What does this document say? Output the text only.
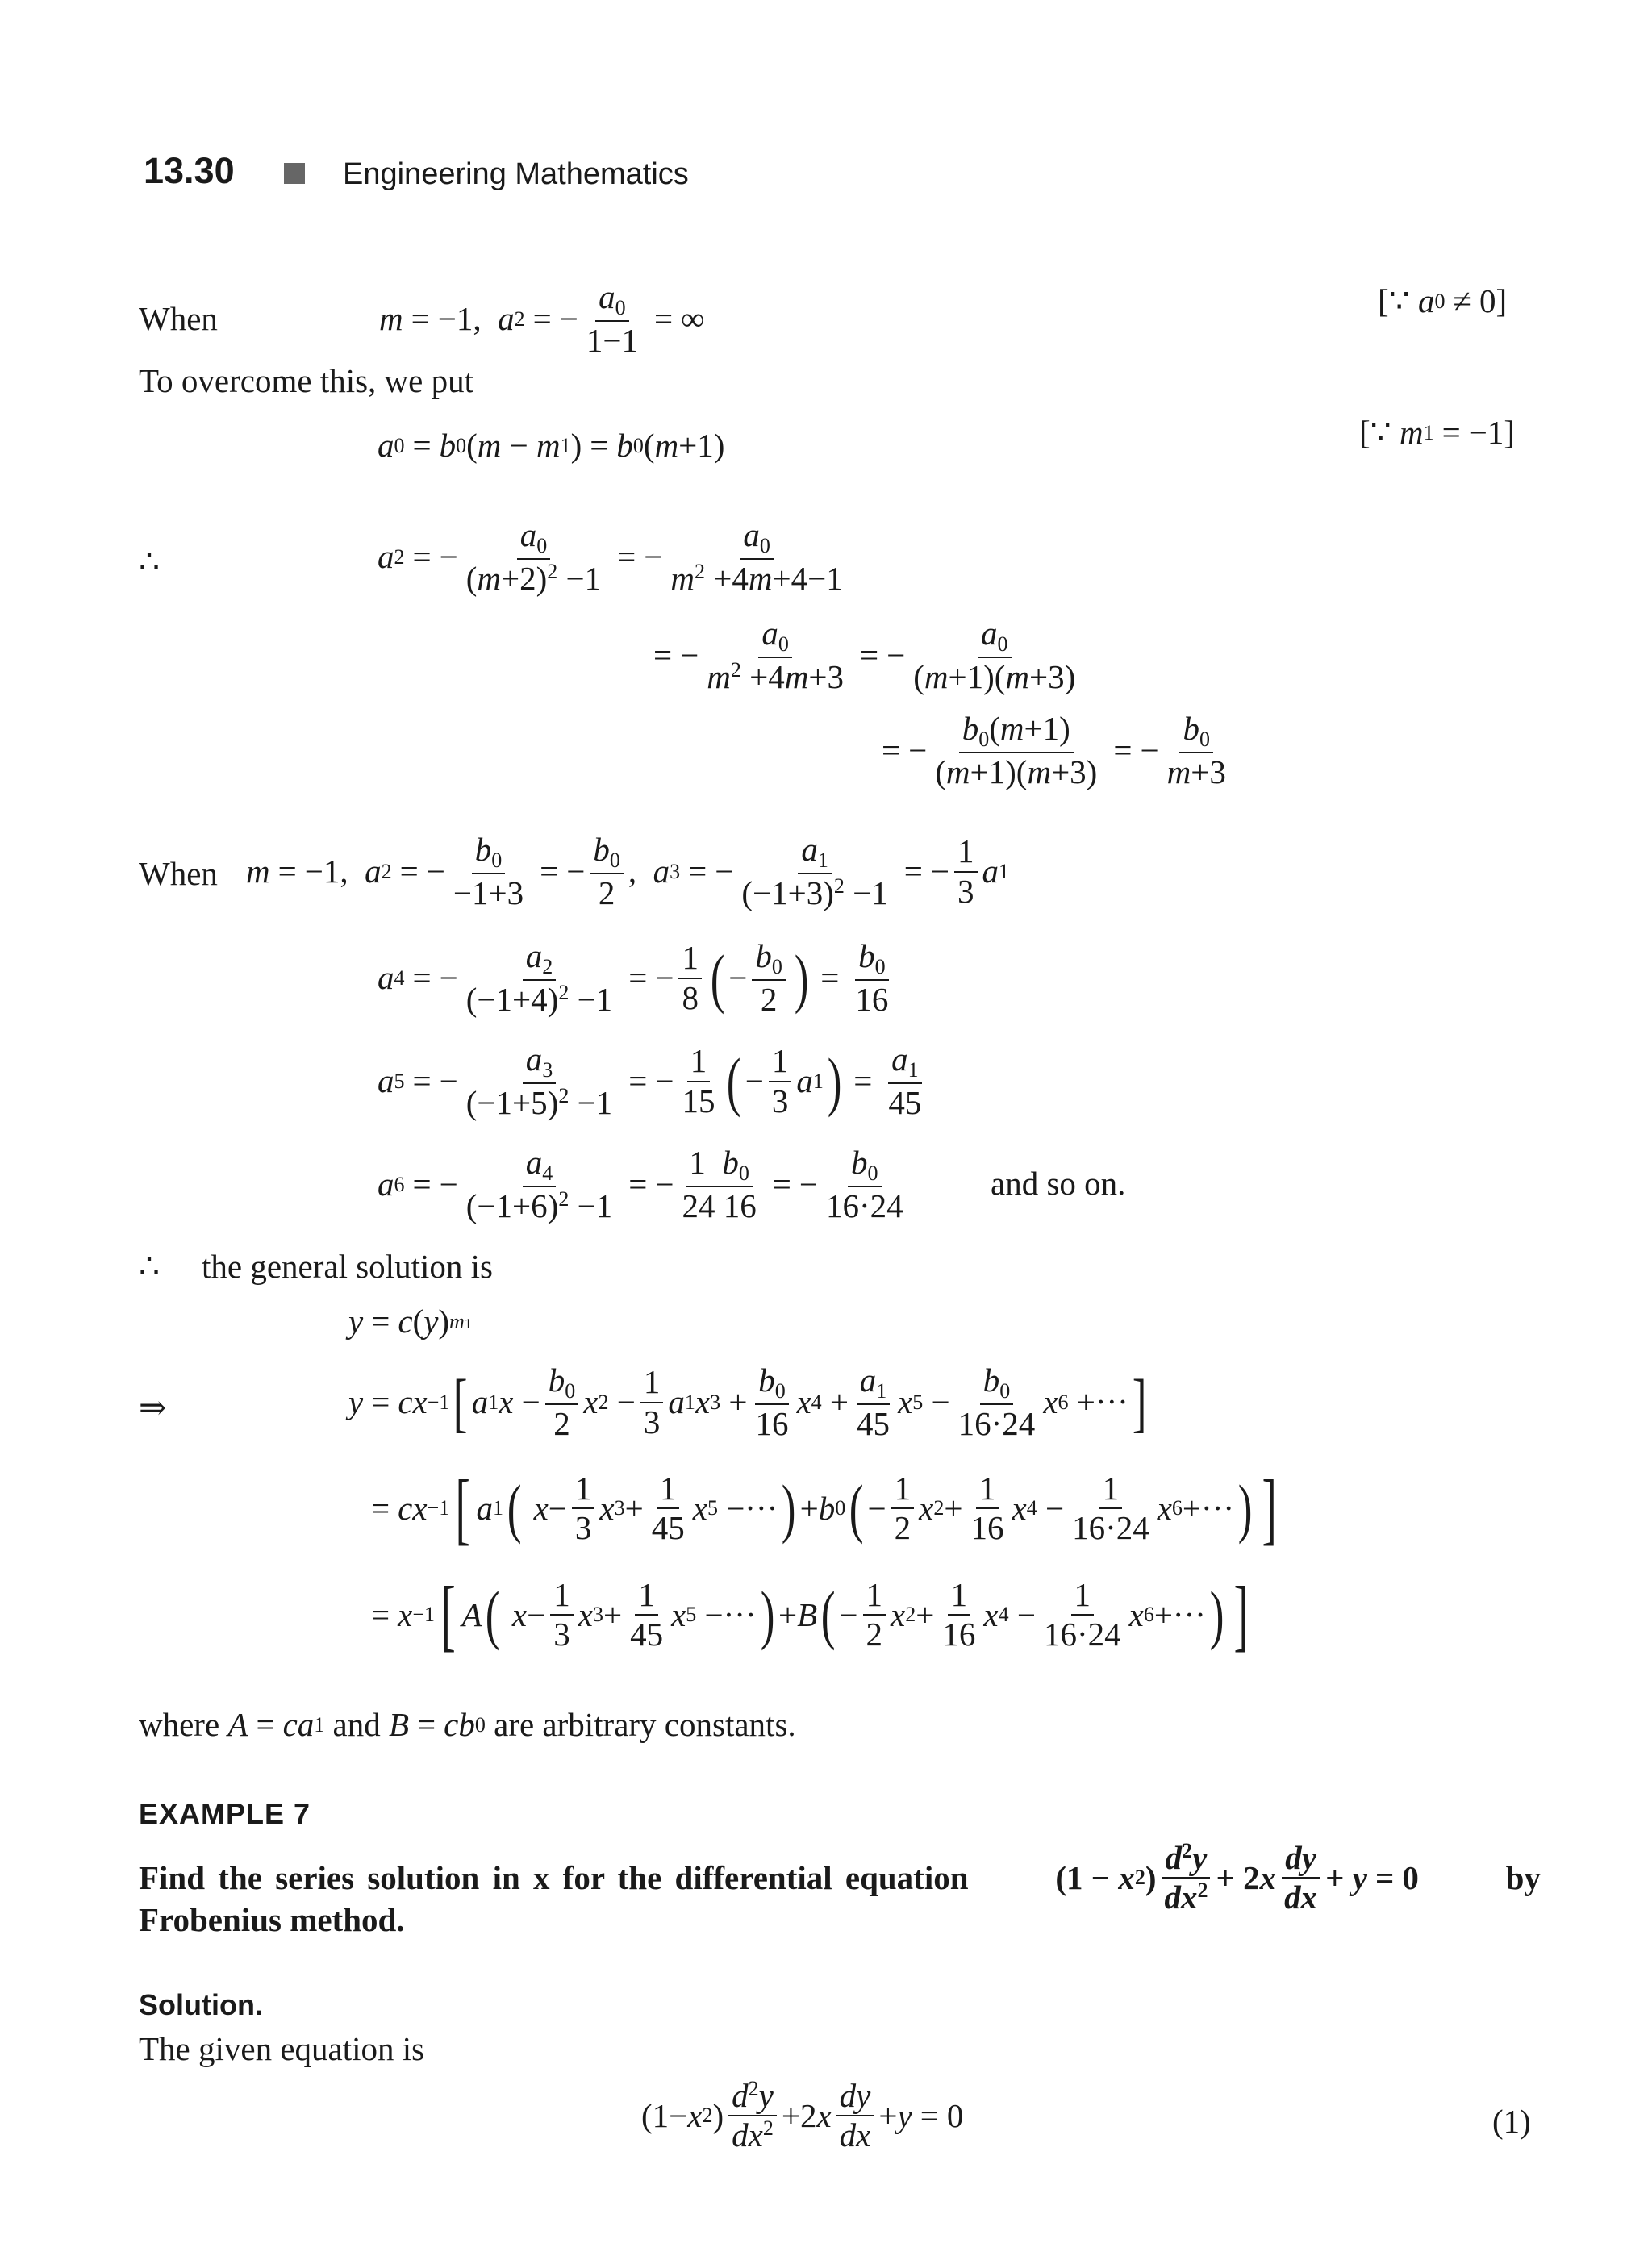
13.30	Engineering Mathematics
When	m = −1, a 2 = − $\frac{a_0}{1-1}$ = ∞	[∵ a 0 ≠ 0]
To overcome this, we put
a 0 = b 0 ( m − m 1 ) = b 0 ( m +1)	[∵ m 1 = −1]
∴	a 2 = − $\frac{a_0}{(m+2)^2 -1}$ = − $\frac{a_0}{m^2 +4m+4-1}$
= − $\frac{a_0}{m^2 +4m+3}$ = − $\frac{a_0}{(m+1)(m+3)}$
= − $\frac{b_0(m+1)}{(m+1)(m+3)}$ = − $\frac{b_0}{m+3}$
When m = −1, a 2 = − $\frac{b_0}{-1+3}$ = − $\frac{b_0}{2}$ , a 3 = − $\frac{a_1}{(-1+3)^2 -1}$ = − $\frac{1}{3}$ a 1
a 4 = − $\frac{a_2}{(-1+4)^2 -1}$ = − $\frac{1}{8}$ ( −
$b_0$
2 ) = $\frac{b_0}{16}$
a 5 = − $\frac{a_3}{(-1+5)^2 -1}$ = − $\frac{1}{15}$ ( −
1
3
a 1 ) = $\frac{a_1}{45}$
a 6 = − $\frac{a_4}{(-1+6)^2 -1}$ = − $\frac{1 b_0}{24 16}$ = − $\frac{b_0}{16\cdot 24}$	and so on.
∴ the general solution is
y = c ( y ) m1
⇒	y = cx −1 [ a 1 x −
$b_0$
2
x 2 −
1
3
a 1 x 3 +
$b_0$
16
x 4 +
$a_1$
45
x 5 −
$b_0$
16·24
x 6 +··· ]
= cx −1 [ a 1 (
x −
1
3
x 3 +
1
45
x 5 −··· ) + b 0 ( −
1
2
x 2 +
1
16
x 4 −
1
16·24
x 6 +··· ) ]
= x −1 [ A (
x −
1
3
x 3 +
1
45
x 5 −··· ) + B ( −
1
2
x 2 +
1
16
x 4 −
1
16·24
x 6 +··· ) ]
where
A = ca 1
and
B = cb 0
are arbitrary constants.
EXAMPLE 7
Find the series solution in x for the differential equation	(1 − x 2 )
$d^2y$
$dx^2 + 2$ x
dy
dx
+ y = 0	by
Frobenius method.
Solution.
The given equation is
(1− x 2 )
$d^2y$
$dx^2 +2$ x
dy
dx
+ y = 0	(1)
